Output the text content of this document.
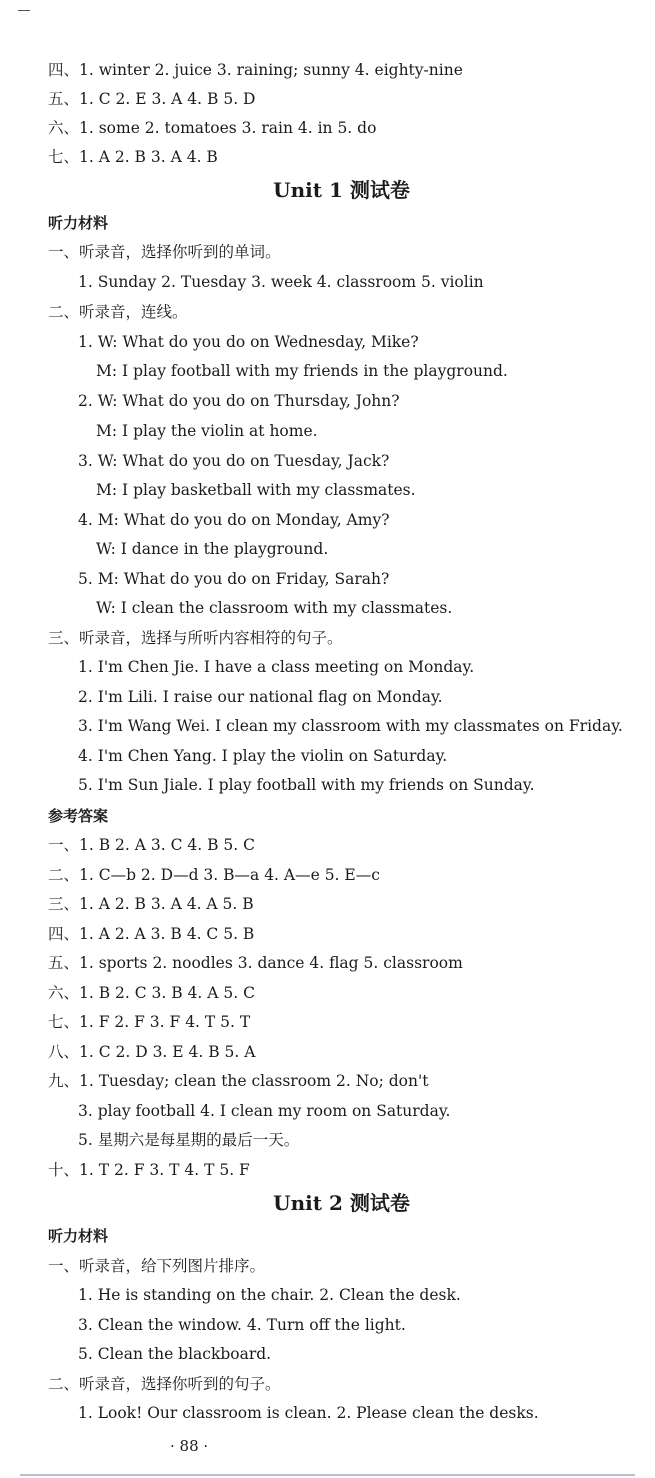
四、1. winter 2. juice 3. raining; sunny 4. eighty-nine
五、1. C 2. E 3. A 4. B 5. D
六、1. some 2. tomatoes 3. rain 4. in 5. do
七、1. A 2. B 3. A 4. B
Unit 1 测试卷
听力材料
一、听录音，选择你听到的单词。
1. Sunday 2. Tuesday 3. week 4. classroom 5. violin
二、听录音，连线。
1. W: What do you do on Wednesday, Mike?
M: I play football with my friends in the playground.
2. W: What do you do on Thursday, John?
M: I play the violin at home.
3. W: What do you do on Tuesday, Jack?
M: I play basketball with my classmates.
4. M: What do you do on Monday, Amy?
W: I dance in the playground.
5. M: What do you do on Friday, Sarah?
W: I clean the classroom with my classmates.
三、听录音，选择与所听内容相符的句子。
1. I'm Chen Jie. I have a class meeting on Monday.
2. I'm Lili. I raise our national flag on Monday.
3. I'm Wang Wei. I clean my classroom with my classmates on Friday.
4. I'm Chen Yang. I play the violin on Saturday.
5. I'm Sun Jiale. I play football with my friends on Sunday.
参考答案
一、1. B 2. A 3. C 4. B 5. C
二、1. C—b 2. D—d 3. B—a 4. A—e 5. E—c
三、1. A 2. B 3. A 4. A 5. B
四、1. A 2. A 3. B 4. C 5. B
五、1. sports 2. noodles 3. dance 4. flag 5. classroom
六、1. B 2. C 3. B 4. A 5. C
七、1. F 2. F 3. F 4. T 5. T
八、1. C 2. D 3. E 4. B 5. A
九、1. Tuesday; clean the classroom 2. No; don't
3. play football 4. I clean my room on Saturday.
5. 星期六是每星期的最后一天。
十、1. T 2. F 3. T 4. T 5. F
Unit 2 测试卷
听力材料
一、听录音，给下列图片排序。
1. He is standing on the chair. 2. Clean the desk.
3. Clean the window. 4. Turn off the light.
5. Clean the blackboard.
二、听录音，选择你听到的句子。
1. Look! Our classroom is clean. 2. Please clean the desks.
· 88 ·
